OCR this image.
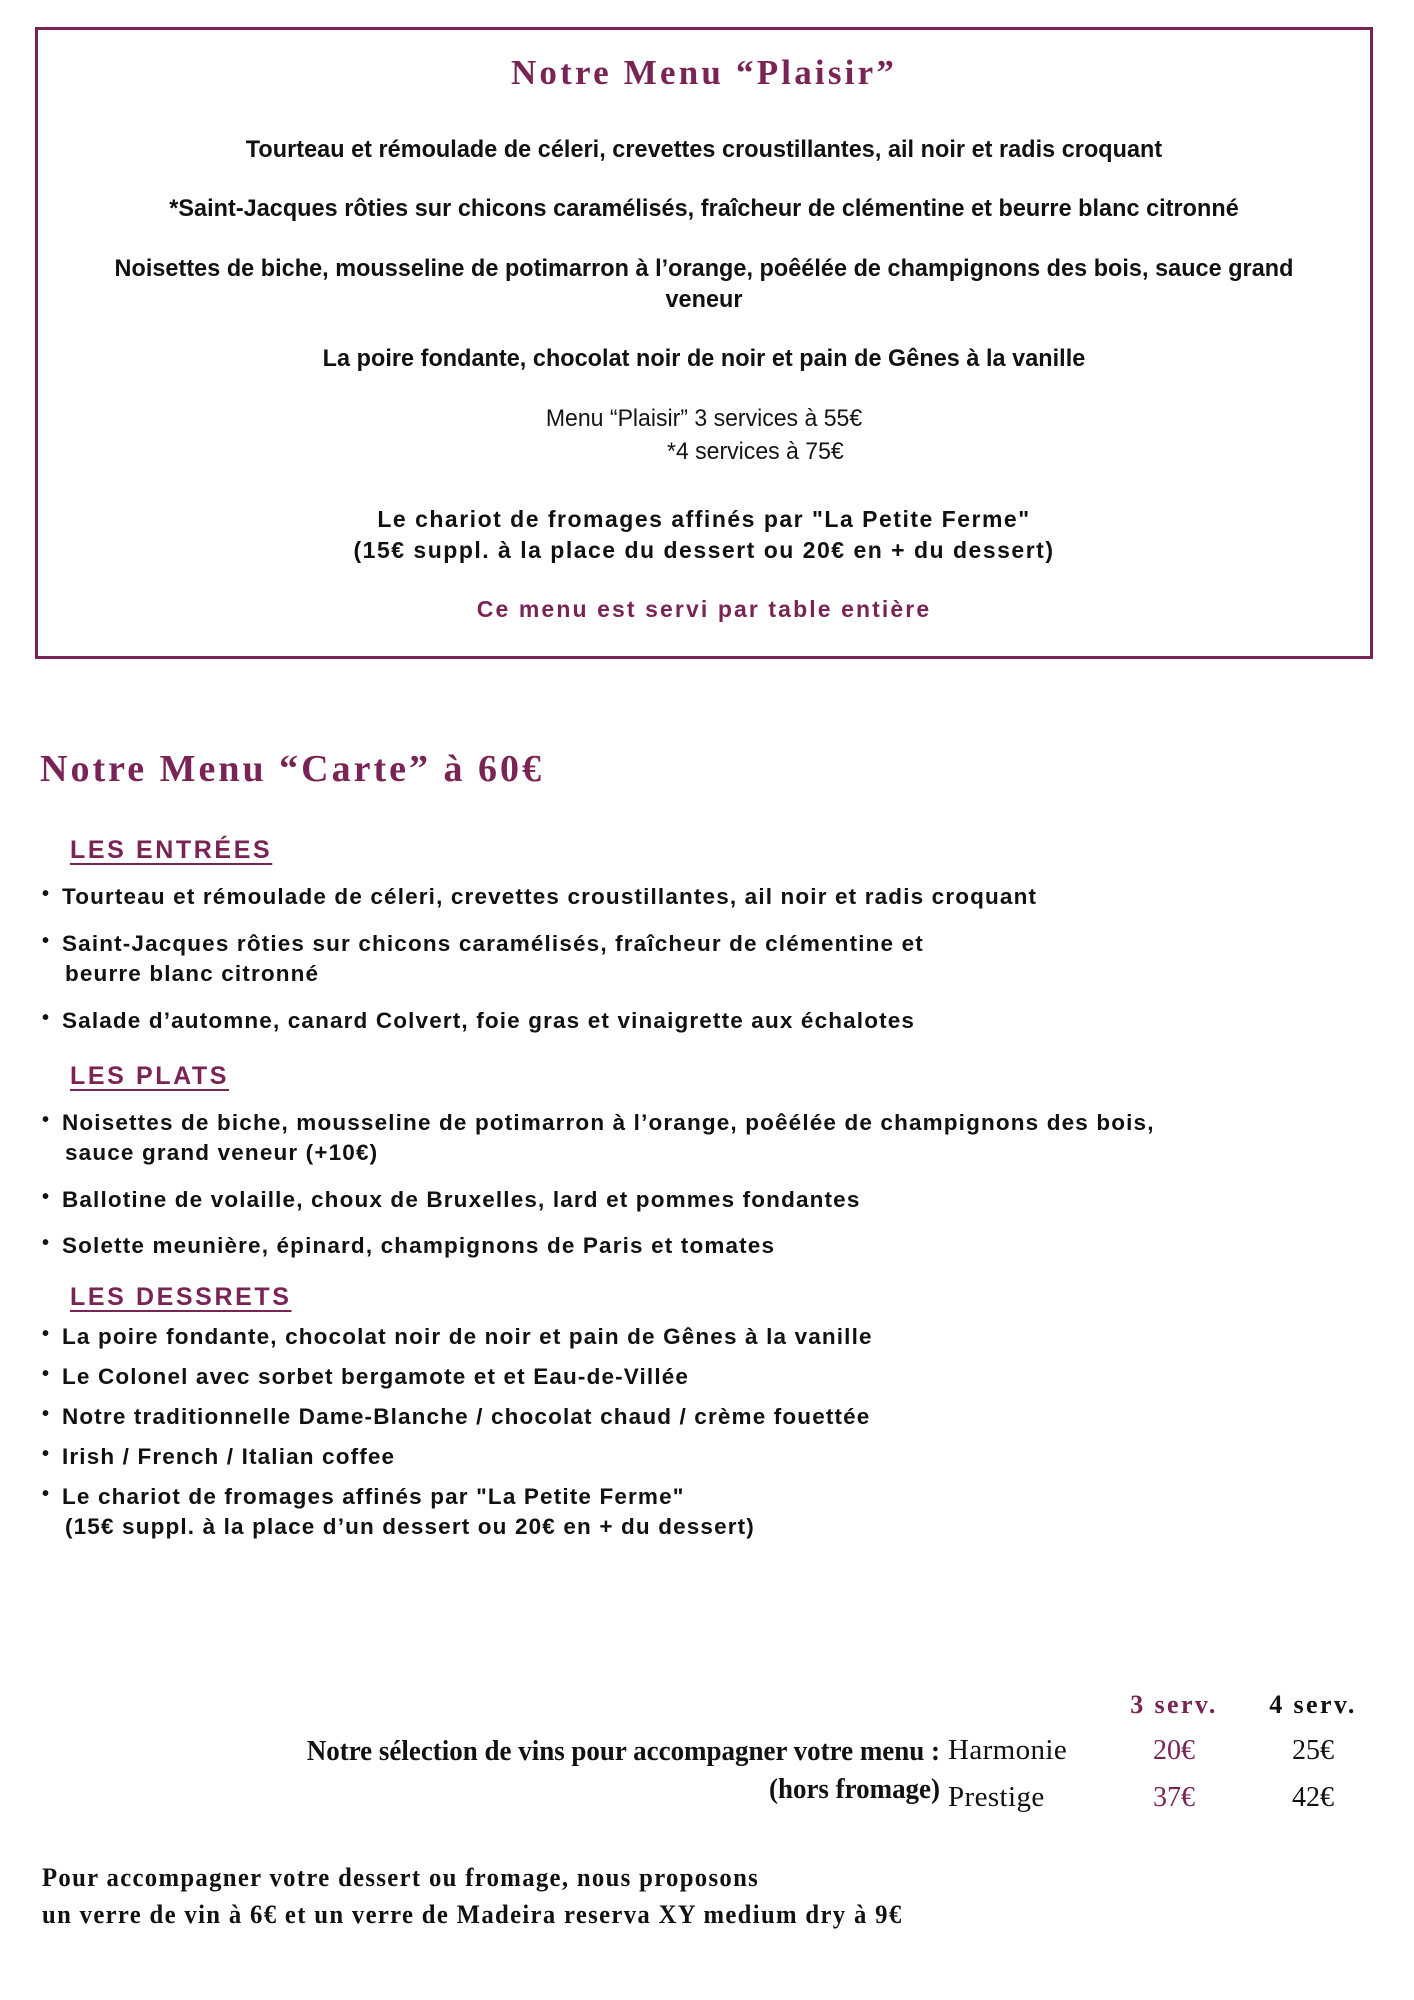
Notre Menu “Plaisir”

Tourteau et rémoulade de céleri, crevettes croustillantes, ail noir et radis croquant

*Saint-Jacques rôties sur chicons caramélisés, fraîcheur de clémentine et beurre blanc citronné

Noisettes de biche, mousseline de potimarron à l’orange, poêélée de champignons des bois, sauce grand veneur

La poire fondante, chocolat noir de noir et pain de Gênes à la vanille

Menu “Plaisir” 3 services à 55€
*4 services à 75€
Le chariot de fromages affinés par "La Petite Ferme"
(15€ suppl. à la place du dessert ou 20€ en + du dessert)

Ce menu est servi par table entière

Notre Menu “Carte” à 60€
LES ENTRÉES
• Tourteau et rémoulade de céleri, crevettes croustillantes, ail noir et radis croquant
• Saint-Jacques rôties sur chicons caramélisés, fraîcheur de clémentine et
beurre blanc citronné
• Salade d’automne, canard Colvert, foie gras et vinaigrette aux échalotes
LES PLATS
• Noisettes de biche, mousseline de potimarron à l’orange, poêélée de champignons des bois,
sauce grand veneur (+10€)
• Ballotine de volaille, choux de Bruxelles, lard et pommes fondantes
• Solette meunière, épinard, champignons de Paris et tomates
LES DESSRETS
• La poire fondante, chocolat noir de noir et pain de Gênes à la vanille
• Le Colonel avec sorbet bergamote et et Eau-de-Villée
• Notre traditionnelle Dame-Blanche / chocolat chaud / crème fouettée
• Irish / French / Italian coffee
• Le chariot de fromages affinés par "La Petite Ferme"
(15€ suppl. à la place d’un dessert ou 20€ en + du dessert)
3 serv.	4 serv.
Notre sélection de vins pour accompagner votre menu :
(hors fromage)
Harmonie	20€	25€
Prestige	37€	42€
Pour accompagner votre dessert ou fromage, nous proposons
un verre de vin à 6€ et un verre de Madeira reserva XY medium dry à 9€
